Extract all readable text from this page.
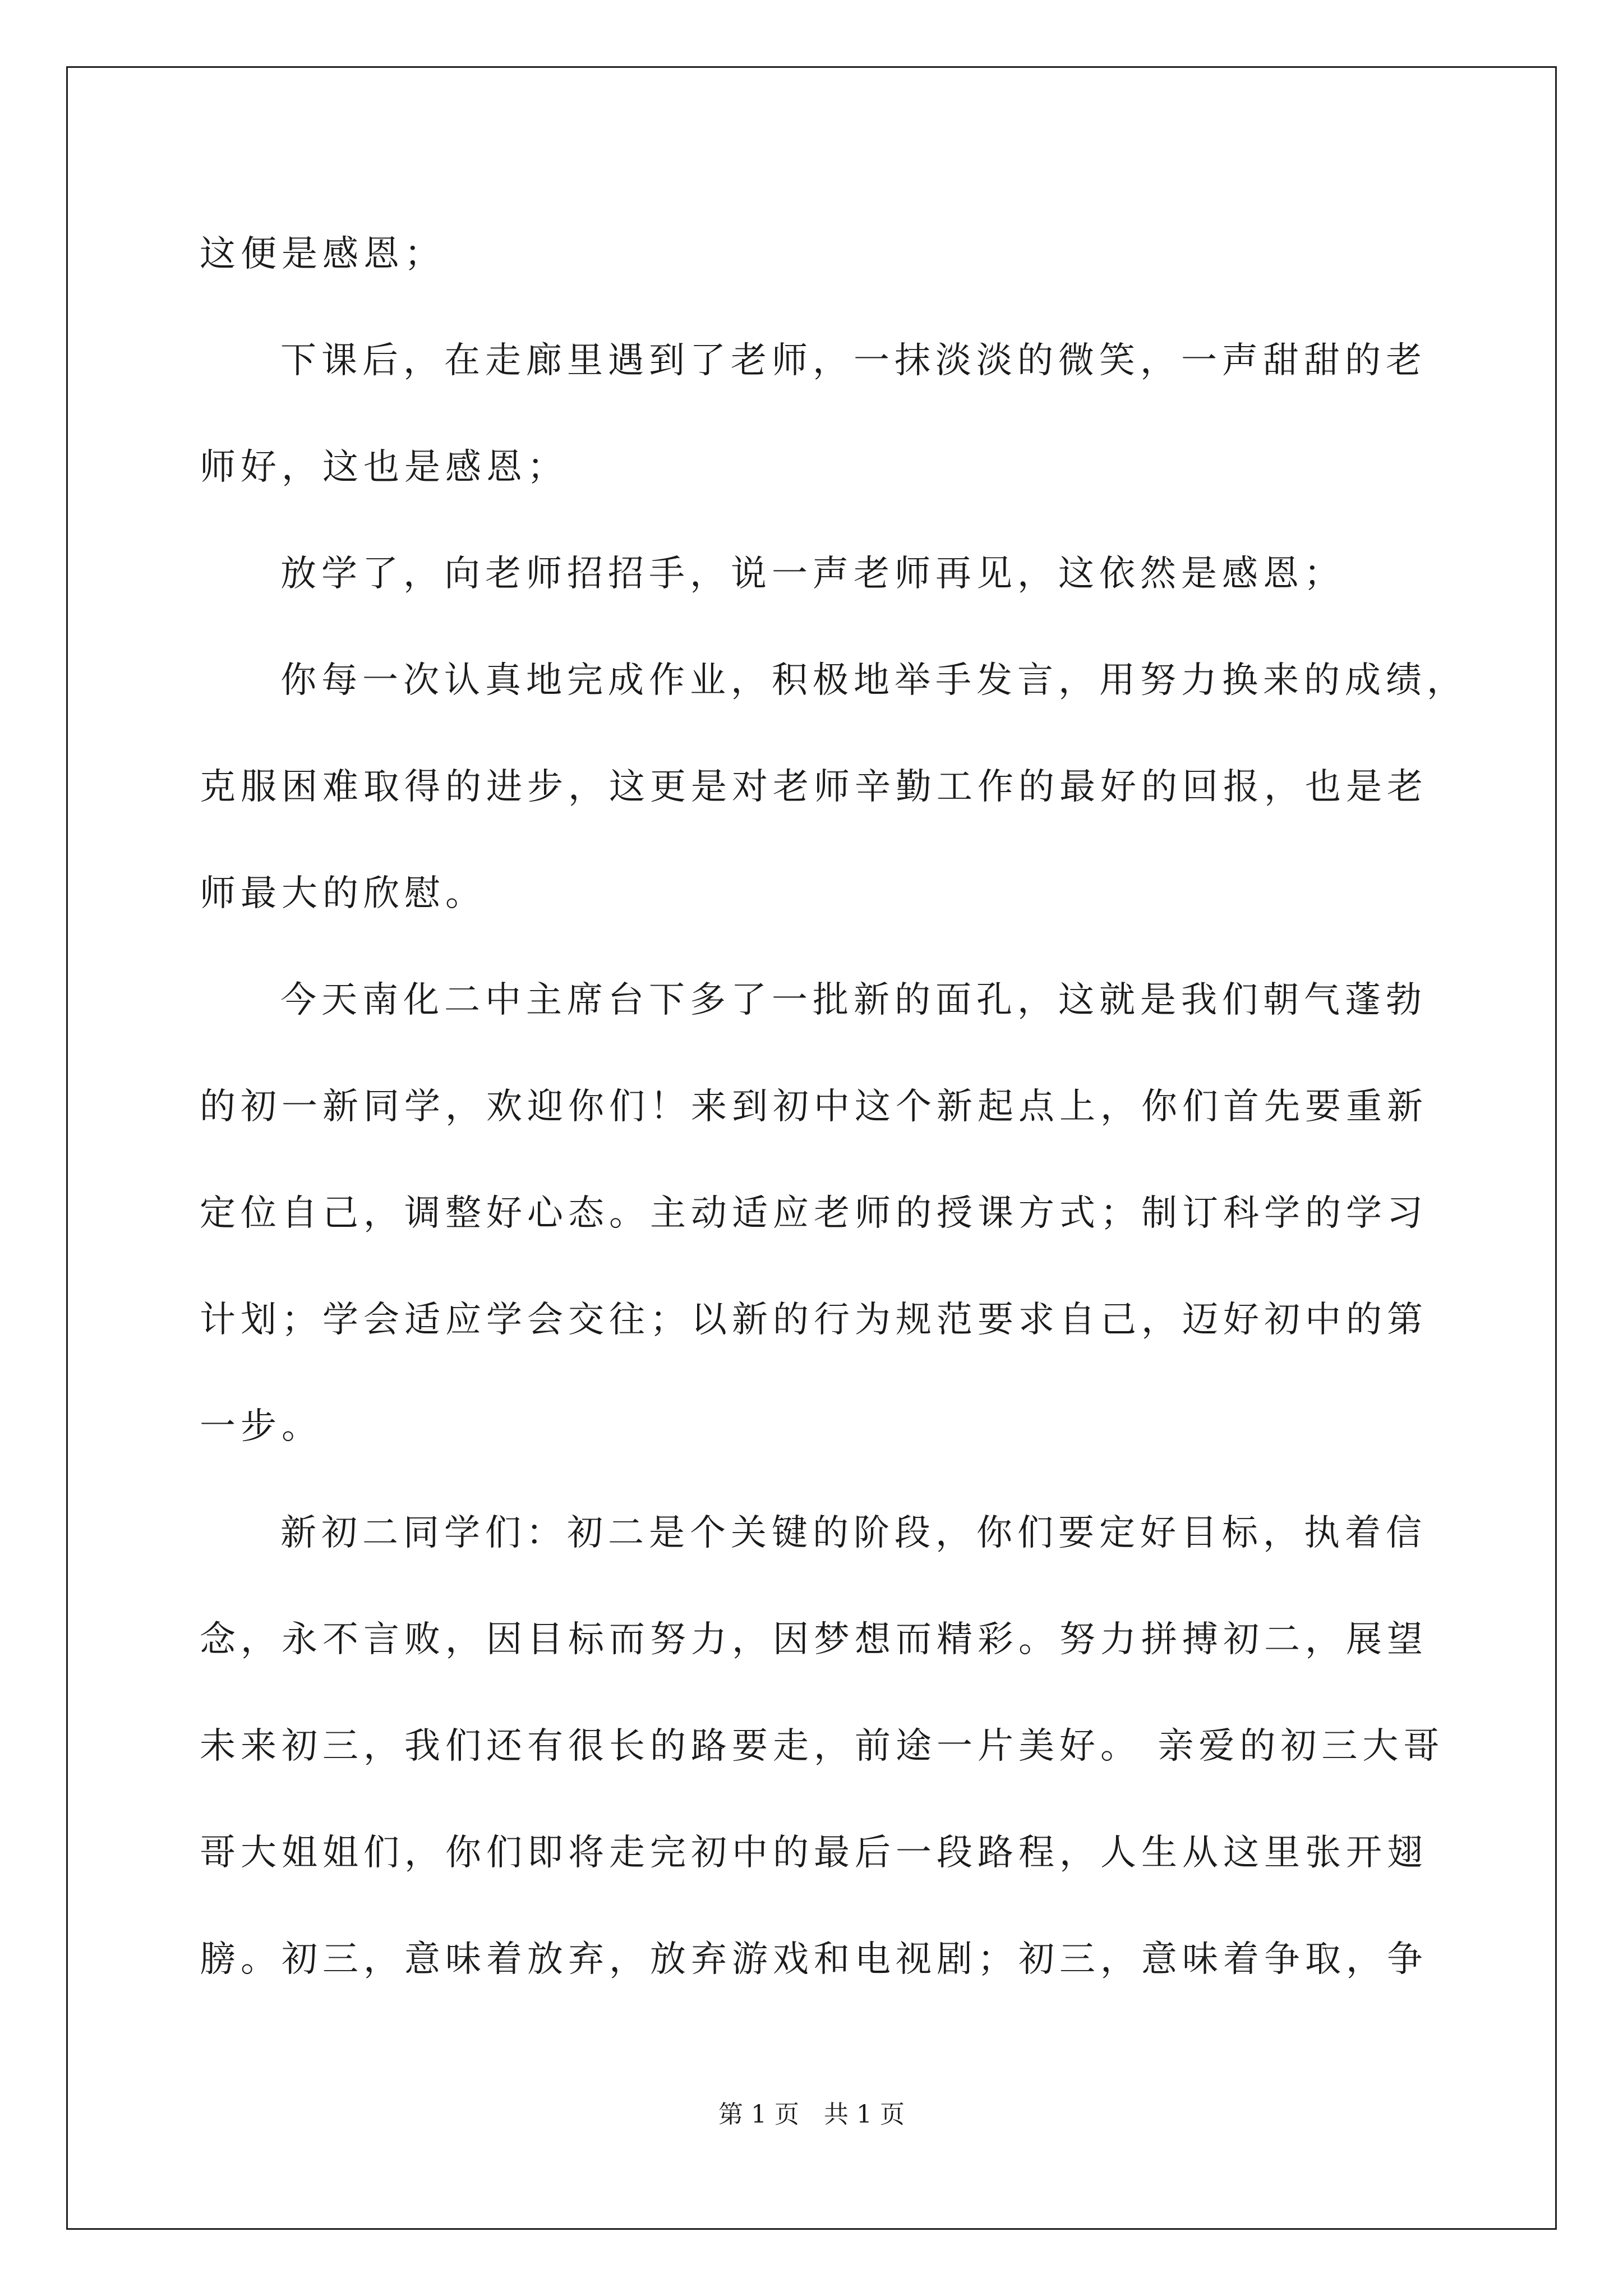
这便是感恩；
下课后，在走廊里遇到了老师，一抹淡淡的微笑，一声甜甜的老
师好，这也是感恩；
放学了，向老师招招手，说一声老师再见，这依然是感恩；
你每一次认真地完成作业，积极地举手发言，用努力换来的成绩，
克服困难取得的进步，这更是对老师辛勤工作的最好的回报，也是老
师最大的欣慰。
今天南化二中主席台下多了一批新的面孔，这就是我们朝气蓬勃
的初一新同学，欢迎你们！来到初中这个新起点上，你们首先要重新
定位自己，调整好心态。主动适应老师的授课方式；制订科学的学习
计划；学会适应学会交往；以新的行为规范要求自己，迈好初中的第
一步。
新初二同学们：初二是个关键的阶段，你们要定好目标，执着信
念，永不言败，因目标而努力，因梦想而精彩。努力拼搏初二，展望
未来初三，我们还有很长的路要走，前途一片美好。 亲爱的初三大哥
哥大姐姐们，你们即将走完初中的最后一段路程，人生从这里张开翅
膀。初三，意味着放弃，放弃游戏和电视剧；初三，意味着争取，争
第 1 页　共 1 页
